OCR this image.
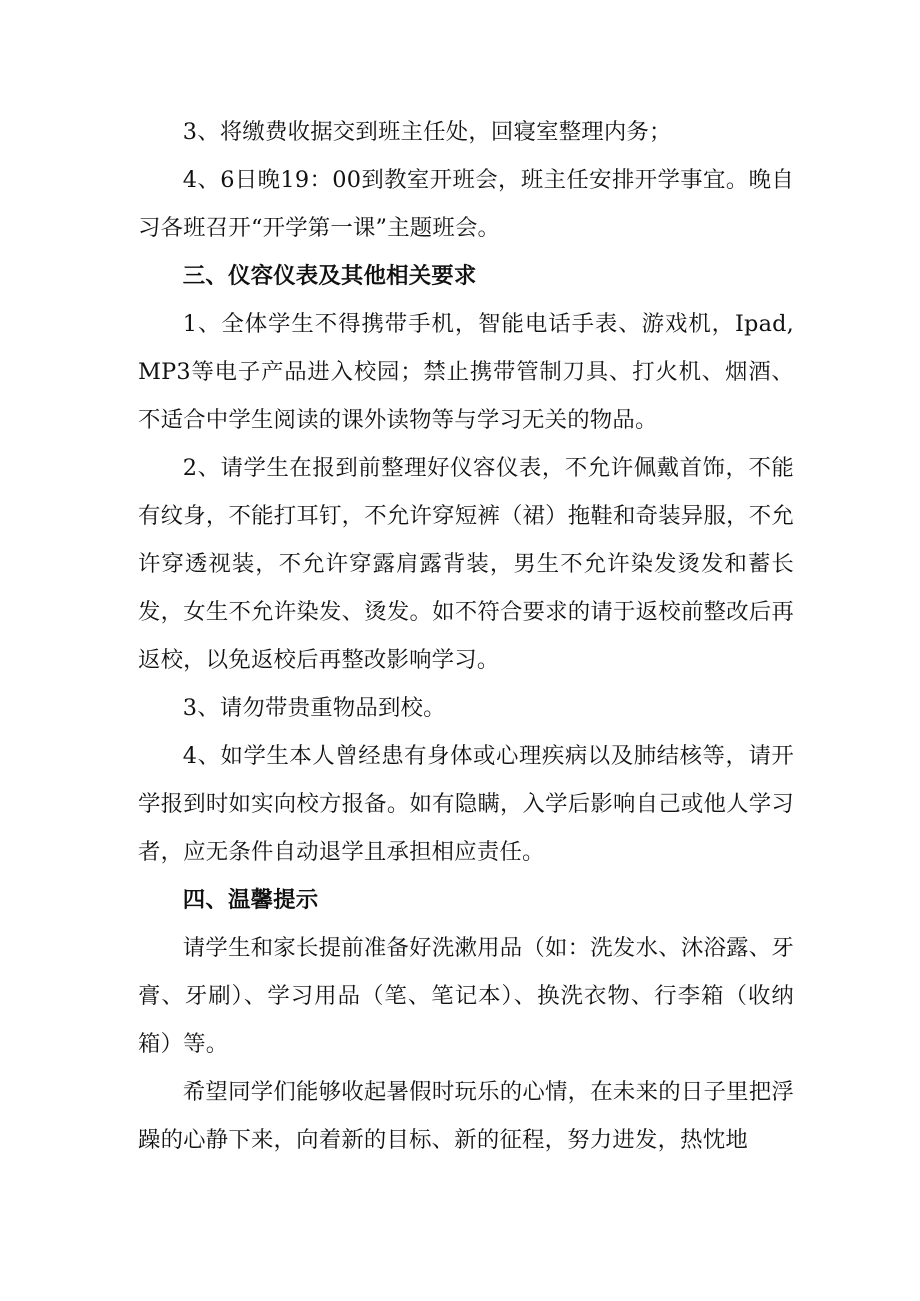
3、将缴费收据交到班主任处，回寝室整理内务；

4、6日晚19：00到教室开班会，班主任安排开学事宜。晚自习各班召开“开学第一课”主题班会。

三、仪容仪表及其他相关要求

1、全体学生不得携带手机，智能电话手表、游戏机，Ipad,MP3等电子产品进入校园；禁止携带管制刀具、打火机、烟酒、不适合中学生阅读的课外读物等与学习无关的物品。

2、请学生在报到前整理好仪容仪表，不允许佩戴首饰，不能有纹身，不能打耳钉，不允许穿短裤（裙）拖鞋和奇装异服，不允许穿透视装，不允许穿露肩露背装，男生不允许染发烫发和蓄长发，女生不允许染发、烫发。如不符合要求的请于返校前整改后再返校，以免返校后再整改影响学习。

3、请勿带贵重物品到校。

4、如学生本人曾经患有身体或心理疾病以及肺结核等，请开学报到时如实向校方报备。如有隐瞒，入学后影响自己或他人学习者，应无条件自动退学且承担相应责任。

四、温馨提示

请学生和家长提前准备好洗漱用品（如：洗发水、沐浴露、牙膏、牙刷）、学习用品（笔、笔记本）、换洗衣物、行李箱（收纳箱）等。

希望同学们能够收起暑假时玩乐的心情，在未来的日子里把浮躁的心静下来，向着新的目标、新的征程，努力进发，热忱地
